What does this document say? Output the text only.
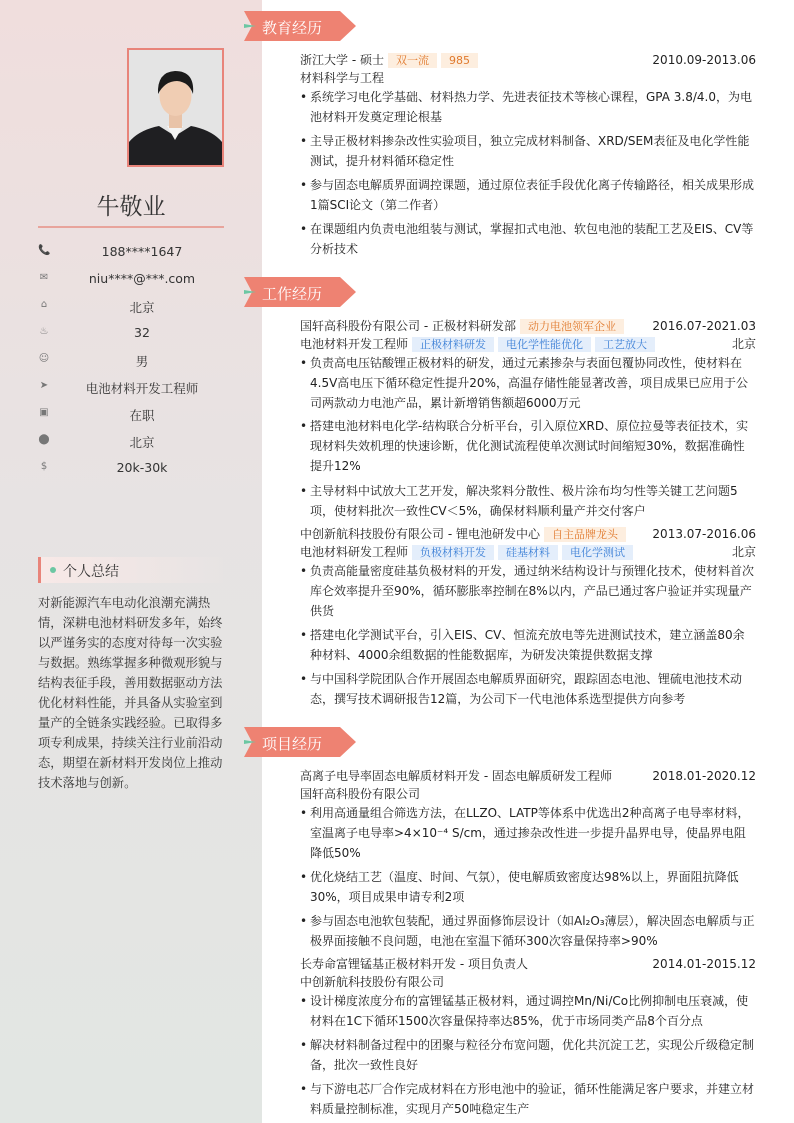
牛敬业
📞	188****1647
✉	niu****@***.com
⌂	北京
♨	32
☺	男
➤	电池材料开发工程师
▣	在职
⬤	北京
$	20k-30k
个人总结
对新能源汽车电动化浪潮充满热情，深耕电池材料研发多年，始终以严谨务实的态度对待每一次实验与数据。熟练掌握多种微观形貌与结构表征手段，善用数据驱动方法优化材料性能，并具备从实验室到量产的全链条实践经验。已取得多项专利成果，持续关注行业前沿动态，期望在新材料开发岗位上推动技术落地与创新。
教育经历
浙江大学 - 硕士 双一流 985	2010.09-2013.06
材料科学与工程
• 系统学习电化学基础、材料热力学、先进表征技术等核心课程，GPA 3.8/4.0，为电池材料开发奠定理论根基
• 主导正极材料掺杂改性实验项目，独立完成材料制备、XRD/SEM表征及电化学性能测试，提升材料循环稳定性
• 参与固态电解质界面调控课题，通过原位表征手段优化离子传输路径，相关成果形成1篇SCI论文（第二作者）
• 在课题组内负责电池组装与测试，掌握扣式电池、软包电池的装配工艺及EIS、CV等分析技术
工作经历
国轩高科股份有限公司 - 正极材料研发部 动力电池领军企业	2016.07-2021.03
电池材料开发工程师 正极材料研发 电化学性能优化 工艺放大	北京
• 负责高电压钴酸锂正极材料的研发，通过元素掺杂与表面包覆协同改性，使材料在4.5V高电压下循环稳定性提升20%，高温存储性能显著改善，项目成果已应用于公司两款动力电池产品，累计新增销售额超6000万元
• 搭建电池材料电化学-结构联合分析平台，引入原位XRD、原位拉曼等表征技术，实现材料失效机理的快速诊断，优化测试流程使单次测试时间缩短30%，数据准确性提升12%
• 主导材料中试放大工艺开发，解决浆料分散性、极片涂布均匀性等关键工艺问题5项，使材料批次一致性CV＜5%，确保材料顺利量产并交付客户
中创新航科技股份有限公司 - 锂电池研发中心 自主品牌龙头	2013.07-2016.06
电池材料研发工程师 负极材料开发 硅基材料 电化学测试	北京
• 负责高能量密度硅基负极材料的开发，通过纳米结构设计与预锂化技术，使材料首次库仑效率提升至90%，循环膨胀率控制在8%以内，产品已通过客户验证并实现量产供货
• 搭建电化学测试平台，引入EIS、CV、恒流充放电等先进测试技术，建立涵盖80余种材料、4000余组数据的性能数据库，为研发决策提供数据支撑
• 与中国科学院团队合作开展固态电解质界面研究，跟踪固态电池、锂硫电池技术动态，撰写技术调研报告12篇，为公司下一代电池体系选型提供方向参考
项目经历
高离子电导率固态电解质材料开发 - 固态电解质研发工程师	2018.01-2020.12
国轩高科股份有限公司
• 利用高通量组合筛选方法，在LLZO、LATP等体系中优选出2种高离子电导率材料，室温离子电导率>4×10⁻⁴ S/cm，通过掺杂改性进一步提升晶界电导，使晶界电阻降低50%
• 优化烧结工艺（温度、时间、气氛），使电解质致密度达98%以上，界面阻抗降低30%，项目成果申请专利2项
• 参与固态电池软包装配，通过界面修饰层设计（如Al₂O₃薄层），解决固态电解质与正极界面接触不良问题，电池在室温下循环300次容量保持率>90%
长寿命富锂锰基正极材料开发 - 项目负责人	2014.01-2015.12
中创新航科技股份有限公司
• 设计梯度浓度分布的富锂锰基正极材料，通过调控Mn/Ni/Co比例抑制电压衰减，使材料在1C下循环1500次容量保持率达85%，优于市场同类产品8个百分点
• 解决材料制备过程中的团聚与粒径分布宽问题，优化共沉淀工艺，实现公斤级稳定制备，批次一致性良好
• 与下游电芯厂合作完成材料在方形电池中的验证，循环性能满足客户要求，并建立材料质量控制标准，实现月产50吨稳定生产
